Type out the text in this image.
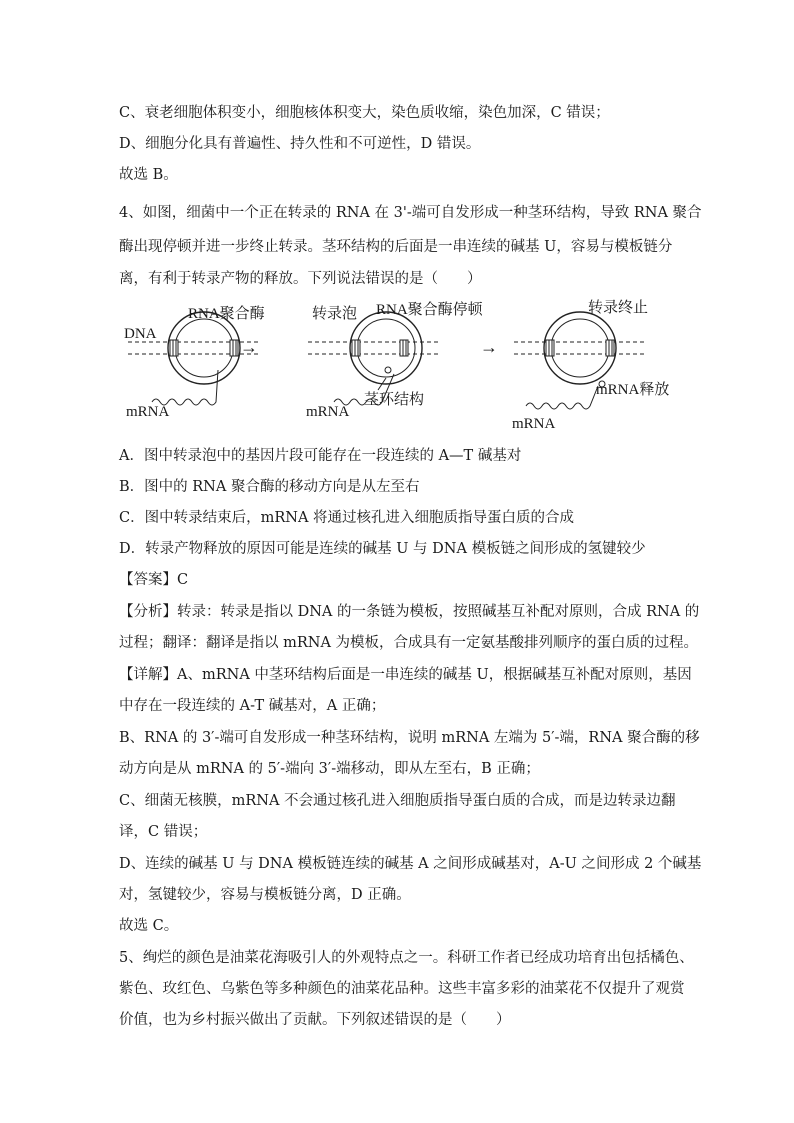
C、衰老细胞体积变小，细胞核体积变大，染色质收缩，染色加深，C 错误；
D、细胞分化具有普遍性、持久性和不可逆性，D 错误。
故选 B。
4、如图，细菌中一个正在转录的 RNA 在 3'-端可自发形成一种茎环结构，导致 RNA 聚合
酶出现停顿并进一步终止转录。茎环结构的后面是一串连续的碱基 U，容易与模板链分
离，有利于转录产物的释放。下列说法错误的是（　　）
RNA聚合酶
DNA
mRNA
→
转录泡 RNA聚合酶停顿
mRNA
茎环结构
→
转录终止
mRNA释放
mRNA
A．图中转录泡中的基因片段可能存在一段连续的 A—T 碱基对
B．图中的 RNA 聚合酶的移动方向是从左至右
C．图中转录结束后，mRNA 将通过核孔进入细胞质指导蛋白质的合成
D．转录产物释放的原因可能是连续的碱基 U 与 DNA 模板链之间形成的氢键较少
【答案】C
【分析】转录：转录是指以 DNA 的一条链为模板，按照碱基互补配对原则，合成 RNA 的
过程；翻译：翻译是指以 mRNA 为模板，合成具有一定氨基酸排列顺序的蛋白质的过程。
【详解】A、mRNA 中茎环结构后面是一串连续的碱基 U，根据碱基互补配对原则，基因
中存在一段连续的 A-T 碱基对，A 正确；
B、RNA 的 3′-端可自发形成一种茎环结构，说明 mRNA 左端为 5′-端，RNA 聚合酶的移
动方向是从 mRNA 的 5′-端向 3′-端移动，即从左至右，B 正确；
C、细菌无核膜，mRNA 不会通过核孔进入细胞质指导蛋白质的合成，而是边转录边翻
译，C 错误；
D、连续的碱基 U 与 DNA 模板链连续的碱基 A 之间形成碱基对，A-U 之间形成 2 个碱基
对，氢键较少，容易与模板链分离，D 正确。
故选 C。
5、绚烂的颜色是油菜花海吸引人的外观特点之一。科研工作者已经成功培育出包括橘色、
紫色、玫红色、乌紫色等多种颜色的油菜花品种。这些丰富多彩的油菜花不仅提升了观赏
价值，也为乡村振兴做出了贡献。下列叙述错误的是（　　）
